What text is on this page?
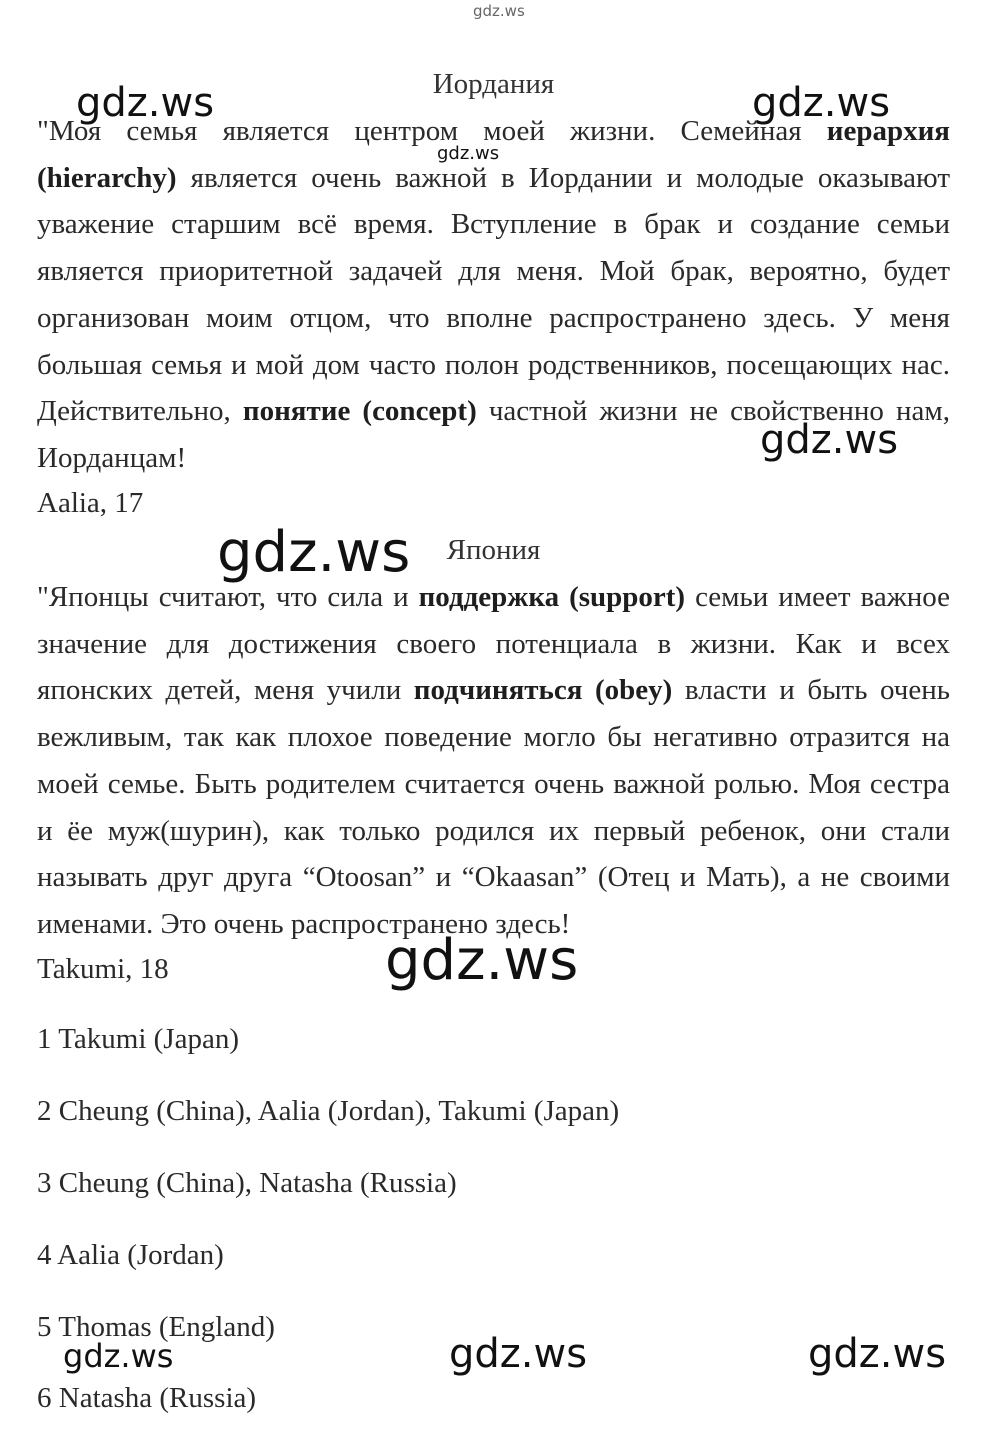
Иордания

"Моя семья является центром моей жизни. Семейная иерархия (hierarchy) является очень важной в Иордании и молодые оказывают уважение старшим всё время. Вступление в брак и создание семьи является приоритетной задачей для меня. Мой брак, вероятно, будет организован моим отцом, что вполне распространено здесь. У меня большая семья и мой дом часто полон родственников, посещающих нас. Действительно, понятие (concept) частной жизни не свойственно нам, Иорданцам!

Aalia, 17
Япония

"Японцы считают, что сила и поддержка (support) семьи имеет важное значение для достижения своего потенциала в жизни. Как и всех японских детей, меня учили подчиняться (obey) власти и быть очень вежливым, так как плохое поведение могло бы негативно отразится на моей семье. Быть родителем считается очень важной ролью. Моя сестра и ёе муж(шурин), как только родился их первый ребенок, они стали называть друг друга “Otoosan” и “Okaasan” (Отец и Мать), а не своими именами. Это очень распространено здесь!

Takumi, 18
1 Takumi (Japan)
2 Cheung (China), Aalia (Jordan), Takumi (Japan)
3 Cheung (China), Natasha (Russia)
4 Aalia (Jordan)
5 Thomas (England)
6 Natasha (Russia)
gdz.ws
gdz.ws	gdz.ws
gdz.ws
gdz.ws
gdz.ws
gdz.ws
gdz.ws	gdz.ws	gdz.ws
